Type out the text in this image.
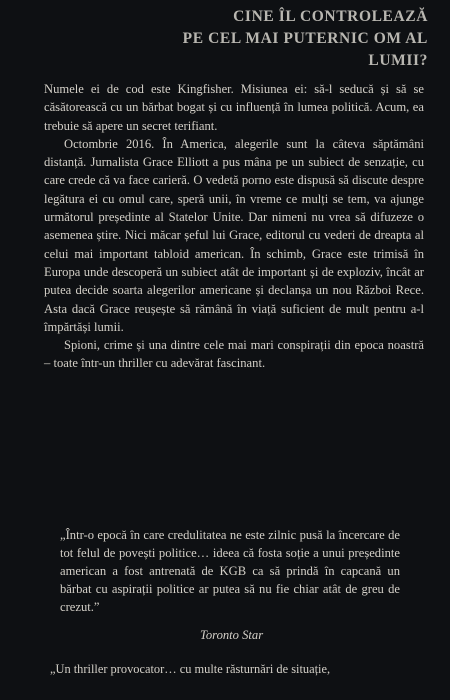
CINE ÎL CONTROLEAZĂ
PE CEL MAI PUTERNIC OM AL LUMII?

Numele ei de cod este Kingfisher. Misiunea ei: să-l seducă și să se căsătorească cu un bărbat bogat și cu influență în lumea politică. Acum, ea trebuie să apere un secret terifiant.

Octombrie 2016. În America, alegerile sunt la câteva săptămâni distanță. Jurnalista Grace Elliott a pus mâna pe un subiect de senzație, cu care crede că va face carieră. O vedetă porno este dispusă să discute despre legătura ei cu omul care, speră unii, în vreme ce mulți se tem, va ajunge următorul președinte al Statelor Unite. Dar nimeni nu vrea să difuzeze o asemenea știre. Nici măcar șeful lui Grace, editorul cu vederi de dreapta al celui mai important tabloid american. În schimb, Grace este trimisă în Europa unde descoperă un subiect atât de important și de exploziv, încât ar putea decide soarta alegerilor americane și declanșa un nou Război Rece. Asta dacă Grace reușește să rămână în viață suficient de mult pentru a-l împărtăși lumii.

Spioni, crime și una dintre cele mai mari conspirații din epoca noastră – toate într-un thriller cu adevărat fascinant.

„Într-o epocă în care credulitatea ne este zilnic pusă la încercare de tot felul de povești politice… ideea că fosta soție a unui președinte american a fost antrenată de KGB ca să prindă în capcană un bărbat cu aspirații politice ar putea să nu fie chiar atât de greu de crezut.”
Toronto Star
„Un thriller provocator… cu multe răsturnări de situație,
